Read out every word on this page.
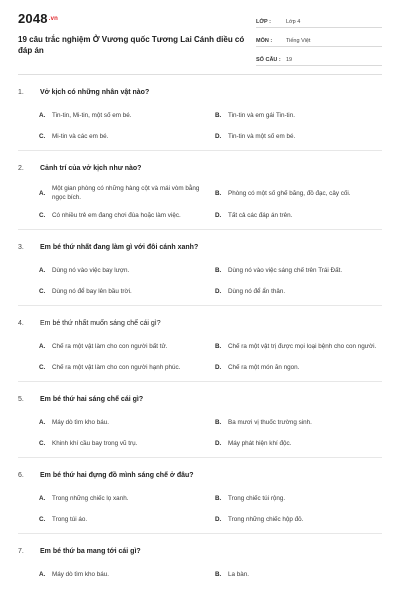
$2048^{.vn}$
19 câu trắc nghiệm Ở Vương quốc Tương Lai Cánh diều có đáp án
LỚP :	Lớp 4
MÔN :	Tiếng Việt
SỐ CÂU : 19
1.	Vở kịch có những nhân vật nào?
A.	Tin-tin, Mi-tin, một số em bé.	B.	Tin-tin và em gái Tin-tin.
C.	Mi-tin và các em bé.	D.	Tin-tin và một số em bé.
2.	Cảnh trí của vở kịch như nào?
A.
Một gian phòng có những hàng cột và mái vòm bằng ngọc bích.
B.	Phòng có một số ghế băng, đồ đạc, cây cối.
C.	Có nhiều trẻ em đang chơi đùa hoặc làm việc.	D.	Tất cả các đáp án trên.
3.	Em bé thứ nhất đang làm gì với đôi cánh xanh?
A.	Dùng nó vào việc bay lượn.	B.	Dùng nó vào việc sáng chế trên Trái Đất.
C.	Dùng nó để bay lên bầu trời.	D.	Dùng nó để ẩn thân.
4.	Em bé thứ nhất muốn sáng chế cái gì?
A.	Chế ra một vật làm cho con người bất tử.	B.	Chế ra một vật trị được mọi loại bệnh cho con người.
C.	Chế ra một vật làm cho con người hạnh phúc.	D.	Chế ra một món ăn ngon.
5.	Em bé thứ hai sáng chế cái gì?
A.	Máy dò tìm kho báu.	B.	Ba mươi vị thuốc trường sinh.
C.	Khinh khí cầu bay trong vũ trụ.	D.	Máy phát hiện khí độc.
6.	Em bé thứ hai đựng đồ mình sáng chế ở đâu?
A.	Trong những chiếc lọ xanh.	B.	Trong chiếc túi rộng.
C.	Trong túi áo.	D.	Trong những chiếc hộp đỏ.
7.	Em bé thứ ba mang tới cái gì?
A.	Máy dò tìm kho báu.	B.	La bàn.
